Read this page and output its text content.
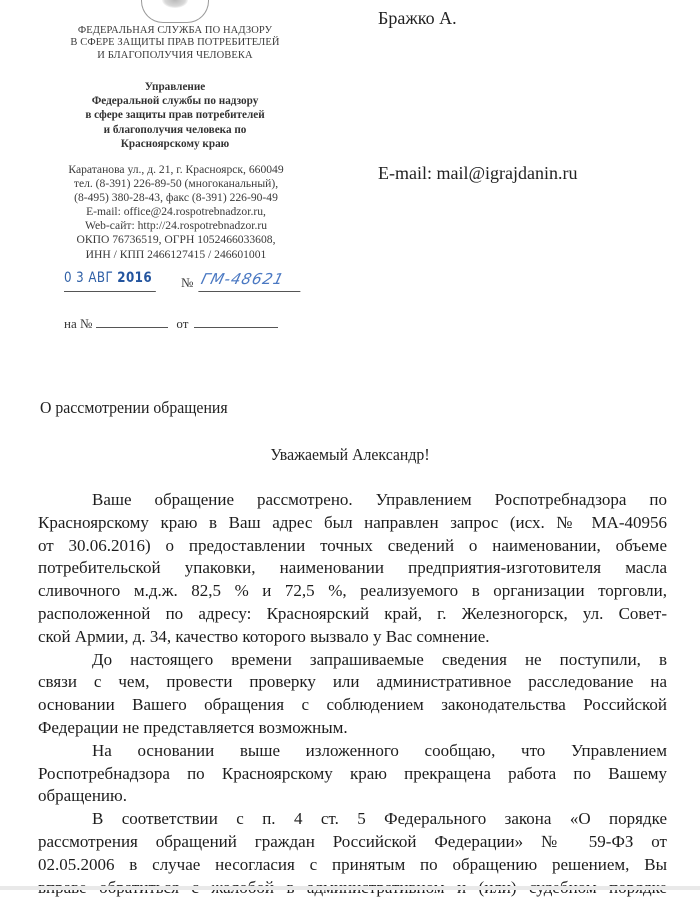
ФЕДЕРАЛЬНАЯ СЛУЖБА ПО НАДЗОРУ
В СФЕРЕ ЗАЩИТЫ ПРАВ ПОТРЕБИТЕЛЕЙ
И БЛАГОПОЛУЧИЯ ЧЕЛОВЕКА
Управление
Федеральной службы по надзору
в сфере защиты прав потребителей
и благополучия человека по
Красноярскому краю
Каратанова ул., д. 21, г. Красноярск, 660049
тел. (8-391) 226-89-50 (многоканальный),
(8-495) 380-28-43, факс (8-391) 226-90-49
E-mail: office@24.rospotrebnadzor.ru,
Web-сайт: http://24.rospotrebnadzor.ru
ОКПО 76736519, ОГРН 1052466033608,
ИНН / КПП 2466127415 / 246601001
0 3 АВГ 2016 № ГМ-48621
на №	от
Бражко А.
E-mail: mail@igrajdanin.ru
О рассмотрении обращения
Уважаемый Александр!

Ваше обращение рассмотрено. Управлением Роспотребнадзора по
Красноярскому краю в Ваш адрес был направлен запрос (исх. № МА-40956
от 30.06.2016) о предоставлении точных сведений о наименовании, объеме
потребительской упаковки, наименовании предприятия-изготовителя масла
сливочного м.д.ж. 82,5 % и 72,5 %, реализуемого в организации торговли,
расположенной по адресу: Красноярский край, г. Железногорск, ул. Совет-
ской Армии, д. 34, качество которого вызвало у Вас сомнение.

До настоящего времени запрашиваемые сведения не поступили, в
связи с чем, провести проверку или административное расследование на
основании Вашего обращения с соблюдением законодательства Российской
Федерации не представляется возможным.

На основании выше изложенного сообщаю, что Управлением
Роспотребнадзора по Красноярскому краю прекращена работа по Вашему
обращению.

В соответствии с п. 4 ст. 5 Федерального закона «О порядке
рассмотрения обращений граждан Российской Федерации» № 59-ФЗ от
02.05.2006 в случае несогласия с принятым по обращению решением, Вы
